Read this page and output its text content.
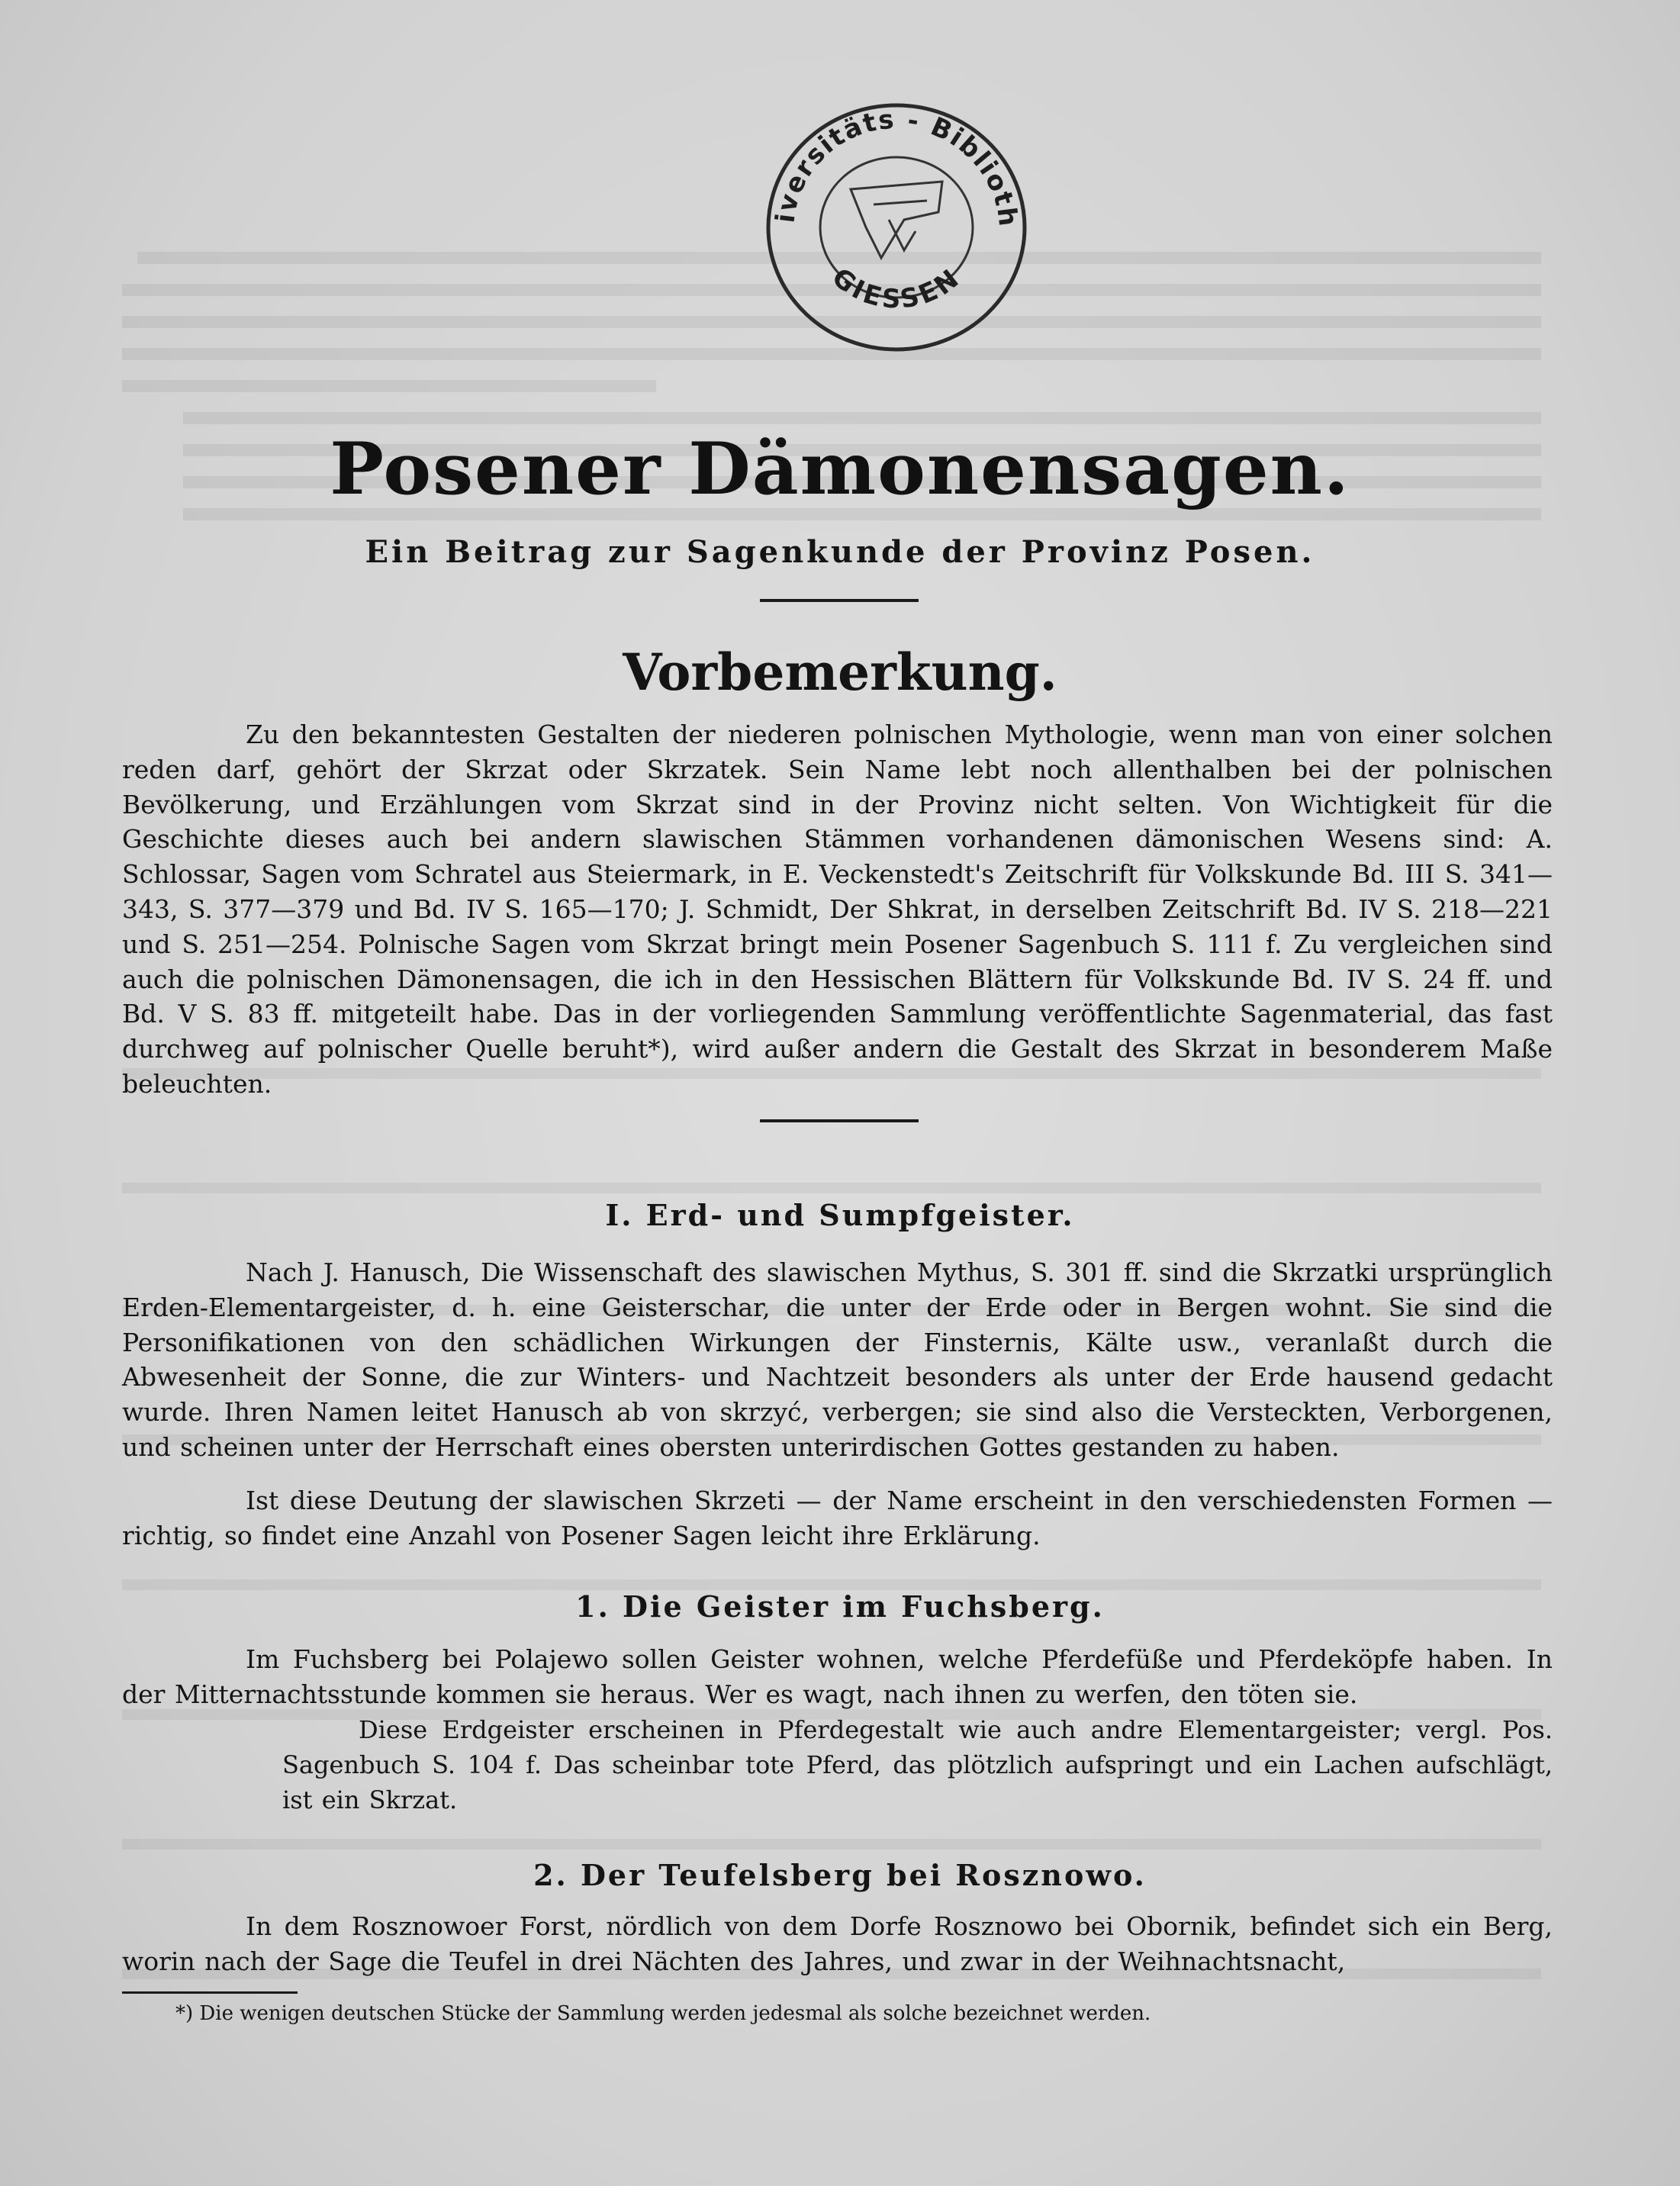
iversitäts - Biblioth
GIESSEN
Posener Dämonensagen.
Ein Beitrag zur Sagenkunde der Provinz Posen.
Vorbemerkung.
Zu den bekanntesten Gestalten der niederen polnischen Mythologie, wenn man von einer solchen reden darf, gehört der Skrzat oder Skrzatek. Sein Name lebt noch allenthalben bei der polnischen Bevölkerung, und Erzählungen vom Skrzat sind in der Provinz nicht selten. Von Wichtigkeit für die Geschichte dieses auch bei andern slawischen Stämmen vorhandenen dämonischen Wesens sind: A. Schlossar, Sagen vom Schratel aus Steiermark, in E. Veckenstedt's Zeitschrift für Volkskunde Bd. III S. 341—343, S. 377—379 und Bd. IV S. 165—170; J. Schmidt, Der Shkrat, in derselben Zeitschrift Bd. IV S. 218—221 und S. 251—254. Polnische Sagen vom Skrzat bringt mein Posener Sagenbuch S. 111 f. Zu vergleichen sind auch die polnischen Dämonensagen, die ich in den Hessischen Blättern für Volkskunde Bd. IV S. 24 ff. und Bd. V S. 83 ff. mitgeteilt habe. Das in der vorliegenden Sammlung veröffentlichte Sagenmaterial, das fast durchweg auf polnischer Quelle beruht*), wird außer andern die Gestalt des Skrzat in besonderem Maße beleuchten.
I. Erd- und Sumpfgeister.
Nach J. Hanusch, Die Wissenschaft des slawischen Mythus, S. 301 ff. sind die Skrzatki ursprünglich Erden-Elementargeister, d. h. eine Geisterschar, die unter der Erde oder in Bergen wohnt. Sie sind die Personifikationen von den schädlichen Wirkungen der Finsternis, Kälte usw., veranlaßt durch die Abwesenheit der Sonne, die zur Winters- und Nachtzeit besonders als unter der Erde hausend gedacht wurde. Ihren Namen leitet Hanusch ab von skrzyć, verbergen; sie sind also die Versteckten, Verborgenen, und scheinen unter der Herrschaft eines obersten unterirdischen Gottes gestanden zu haben.
Ist diese Deutung der slawischen Skrzeti — der Name erscheint in den verschiedensten Formen — richtig, so findet eine Anzahl von Posener Sagen leicht ihre Erklärung.
1. Die Geister im Fuchsberg.
Im Fuchsberg bei Polajewo sollen Geister wohnen, welche Pferdefüße und Pferdeköpfe haben. In der Mitternachtsstunde kommen sie heraus. Wer es wagt, nach ihnen zu werfen, den töten sie.
Diese Erdgeister erscheinen in Pferdegestalt wie auch andre Elementargeister; vergl. Pos. Sagenbuch S. 104 f. Das scheinbar tote Pferd, das plötzlich aufspringt und ein Lachen aufschlägt, ist ein Skrzat.
2. Der Teufelsberg bei Rosznowo.
In dem Rosznowoer Forst, nördlich von dem Dorfe Rosznowo bei Obornik, befindet sich ein Berg, worin nach der Sage die Teufel in drei Nächten des Jahres, und zwar in der Weihnachtsnacht,
*) Die wenigen deutschen Stücke der Sammlung werden jedesmal als solche bezeichnet werden.
